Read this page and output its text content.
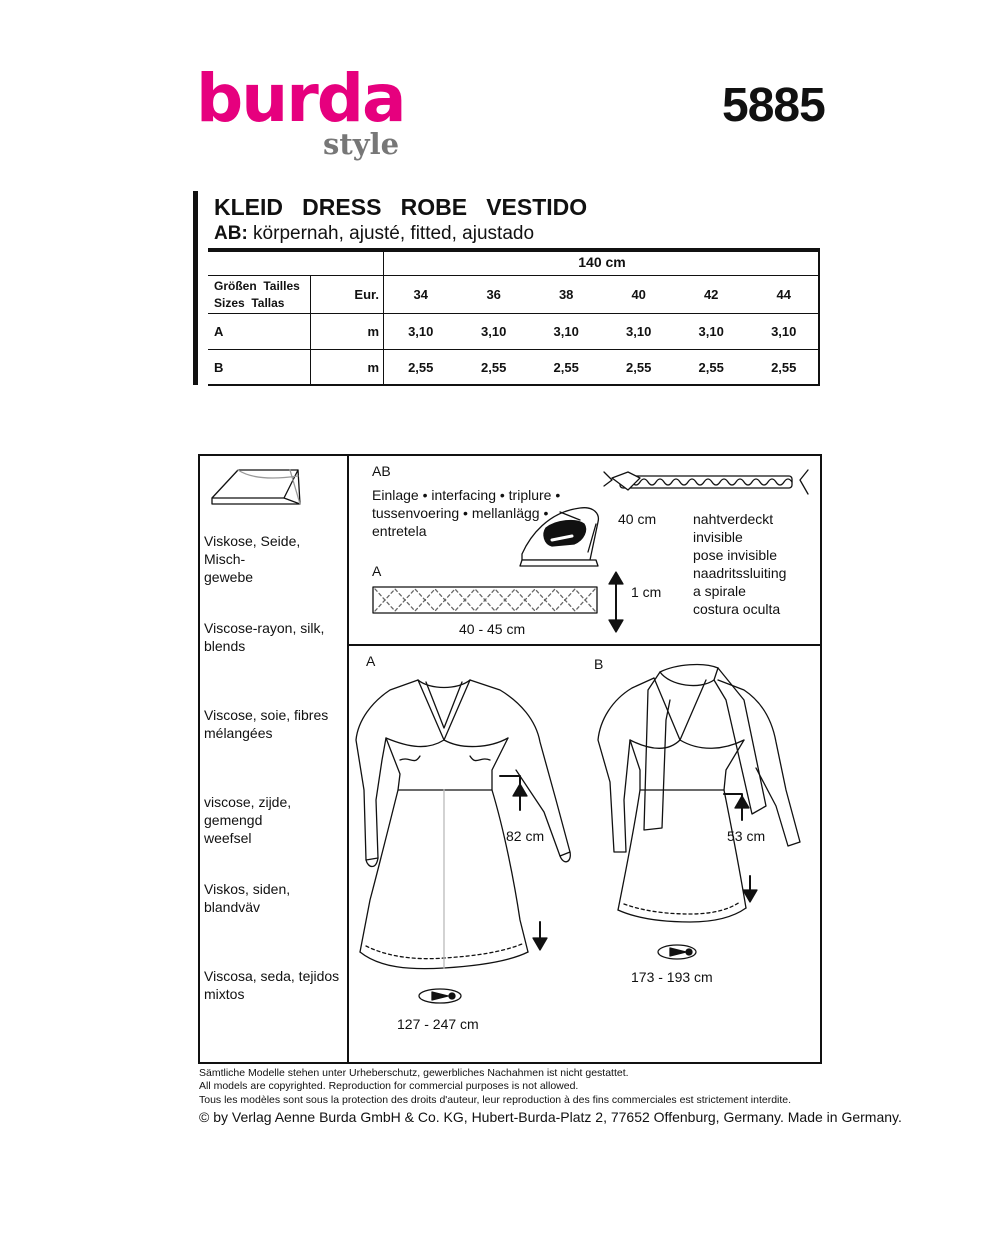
burda
style
5885
KLEID   DRESS   ROBE   VESTIDO
AB: körpernah, ajusté, fitted, ajustado
		140 cm					

Größen  Tailles
Sizes  Tallas	Eur.	34	36	38	40	42	44
A	m	3,10	3,10	3,10	3,10	3,10	3,10
B	m	2,55	2,55	2,55	2,55	2,55	2,55
Viskose, Seide, Misch-
gewebe
Viscose-rayon, silk,
blends
Viscose, soie, fibres
mélangées
viscose, zijde, gemengd
weefsel
Viskos, siden, blandväv
Viscosa, seda, tejidos
mixtos
AB
Einlage • interfacing • triplure •
tussenvoering • mellanlägg •
entretela
A
40 - 45 cm
1 cm
40 cm	nahtverdeckt
invisible
pose invisible
naadritssluiting
a spirale
costura oculta
A	B
82 cm	53 cm
127 - 247 cm
173 - 193 cm
Sämtliche Modelle stehen unter Urheberschutz, gewerbliches Nachahmen ist nicht gestattet.
All models are copyrighted. Reproduction for commercial purposes is not allowed.
Tous les modèles sont sous la protection des droits d'auteur, leur reproduction à des fins commerciales est strictement interdite.
© by Verlag Aenne Burda GmbH & Co. KG, Hubert-Burda-Platz 2, 77652 Offenburg, Germany. Made in Germany.
